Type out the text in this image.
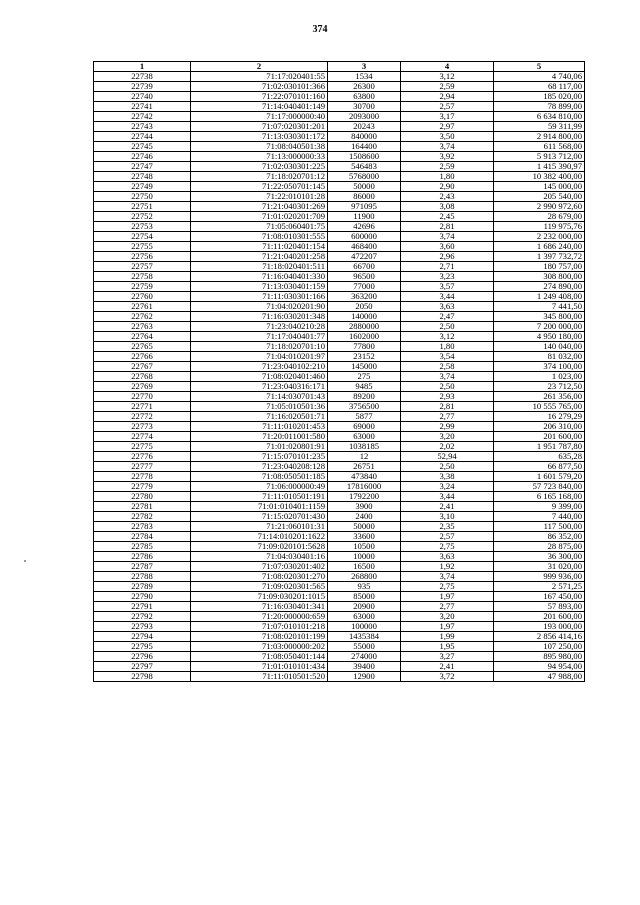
374
1	2	3	4	5
22738	71:17:020401:55	1534	3,12	4 740,06
22739	71:02:030101:366	26300	2,59	68 117,00
22740	71:22:070101:160	63800	2,94	185 020,00
22741	71:14:040401:149	30700	2,57	78 899,00
22742	71:17:000000:40	2093000	3,17	6 634 810,00
22743	71:07:020301:201	20243	2,97	59 311,99
22744	71:13:030301:172	840000	3,50	2 914 800,00
22745	71:08:040501:38	164400	3,74	611 568,00
22746	71:13:000000:33	1508600	3,92	5 913 712,00
22747	71:02:030301:225	546483	2,59	1 415 390,97
22748	71:18:020701:12	5768000	1,80	10 382 400,00
22749	71:22:050701:145	50000	2,90	145 000,00
22750	71:22:010101:28	86000	2,43	205 540,00
22751	71:21:040301:269	971095	3,08	2 990 972,60
22752	71:01:020201:709	11900	2,45	28 679,00
22753	71:05:060401:75	42696	2,81	119 975,76
22754	71:08:010301:555	600000	3,74	2 232 000,00
22755	71:11:020401:154	468400	3,60	1 686 240,00
22756	71:21:040201:258	472207	2,96	1 397 732,72
22757	71:18:020401:511	66700	2,71	180 757,00
22758	71:16:040401:330	96500	3,23	308 800,00
22759	71:13:030401:159	77000	3,57	274 890,00
22760	71:11:030301:166	363200	3,44	1 249 408,00
22761	71:04:020201:90	2050	3,63	7 441,50
22762	71:16:030201:348	140000	2,47	345 800,00
22763	71:23:040210:28	2880000	2,50	7 200 000,00
22764	71:17:040401:77	1602000	3,12	4 950 180,00
22765	71:18:020701:10	77800	1,80	140 040,00
22766	71:04:010201:97	23152	3,54	81 032,00
22767	71:23:040102:210	145000	2,58	374 100,00
22768	71:08:020401:460	275	3,74	1 023,00
22769	71:23:040316:171	9485	2,50	23 712,50
22770	71:14:030701:43	89200	2,93	261 356,00
22771	71:05:010501:36	3756500	2,81	10 555 765,00
22772	71:16:020501:71	5877	2,77	16 279,29
22773	71:11:010201:453	69000	2,99	206 310,00
22774	71:20:011001:580	63000	3,20	201 600,00
22775	71:01:020801:91	1038185	2,02	1 951 787,80
22776	71:15:070101:235	12	52,94	635,28
22777	71:23:040208:128	26751	2,50	66 877,50
22778	71:08:050501:185	473840	3,38	1 601 579,20
22779	71:06:000000:49	17816000	3,24	57 723 840,00
22780	71:11:010501:191	1792200	3,44	6 165 168,00
22781	71:01:010401:1159	3900	2,41	9 399,00
22782	71:15:020701:430	2400	3,10	7 440,00
22783	71:21:060101:31	50000	2,35	117 500,00
22784	71:14:010201:1622	33600	2,57	86 352,00
22785	71:09:020101:5628	10500	2,75	28 875,00
22786	71:04:030401:16	10000	3,63	36 300,00
22787	71:07:030201:402	16500	1,92	31 020,00
22788	71:08:020301:270	268800	3,74	999 936,00
22789	71:09:020301:565	935	2,75	2 571,25
22790	71:09:030201:1015	85000	1,97	167 450,00
22791	71:16:030401:341	20900	2,77	57 893,00
22792	71:20:000000:659	63000	3,20	201 600,00
22793	71:07:010101:218	100000	1,97	193 000,00
22794	71:08:020101:199	1435384	1,99	2 856 414,16
22795	71:03:000000:202	55000	1,95	107 250,00
22796	71:08:050401:144	274000	3,27	895 980,00
22797	71:01:010101:434	39400	2,41	94 954,00
22798	71:11:010501:520	12900	3,72	47 988,00
